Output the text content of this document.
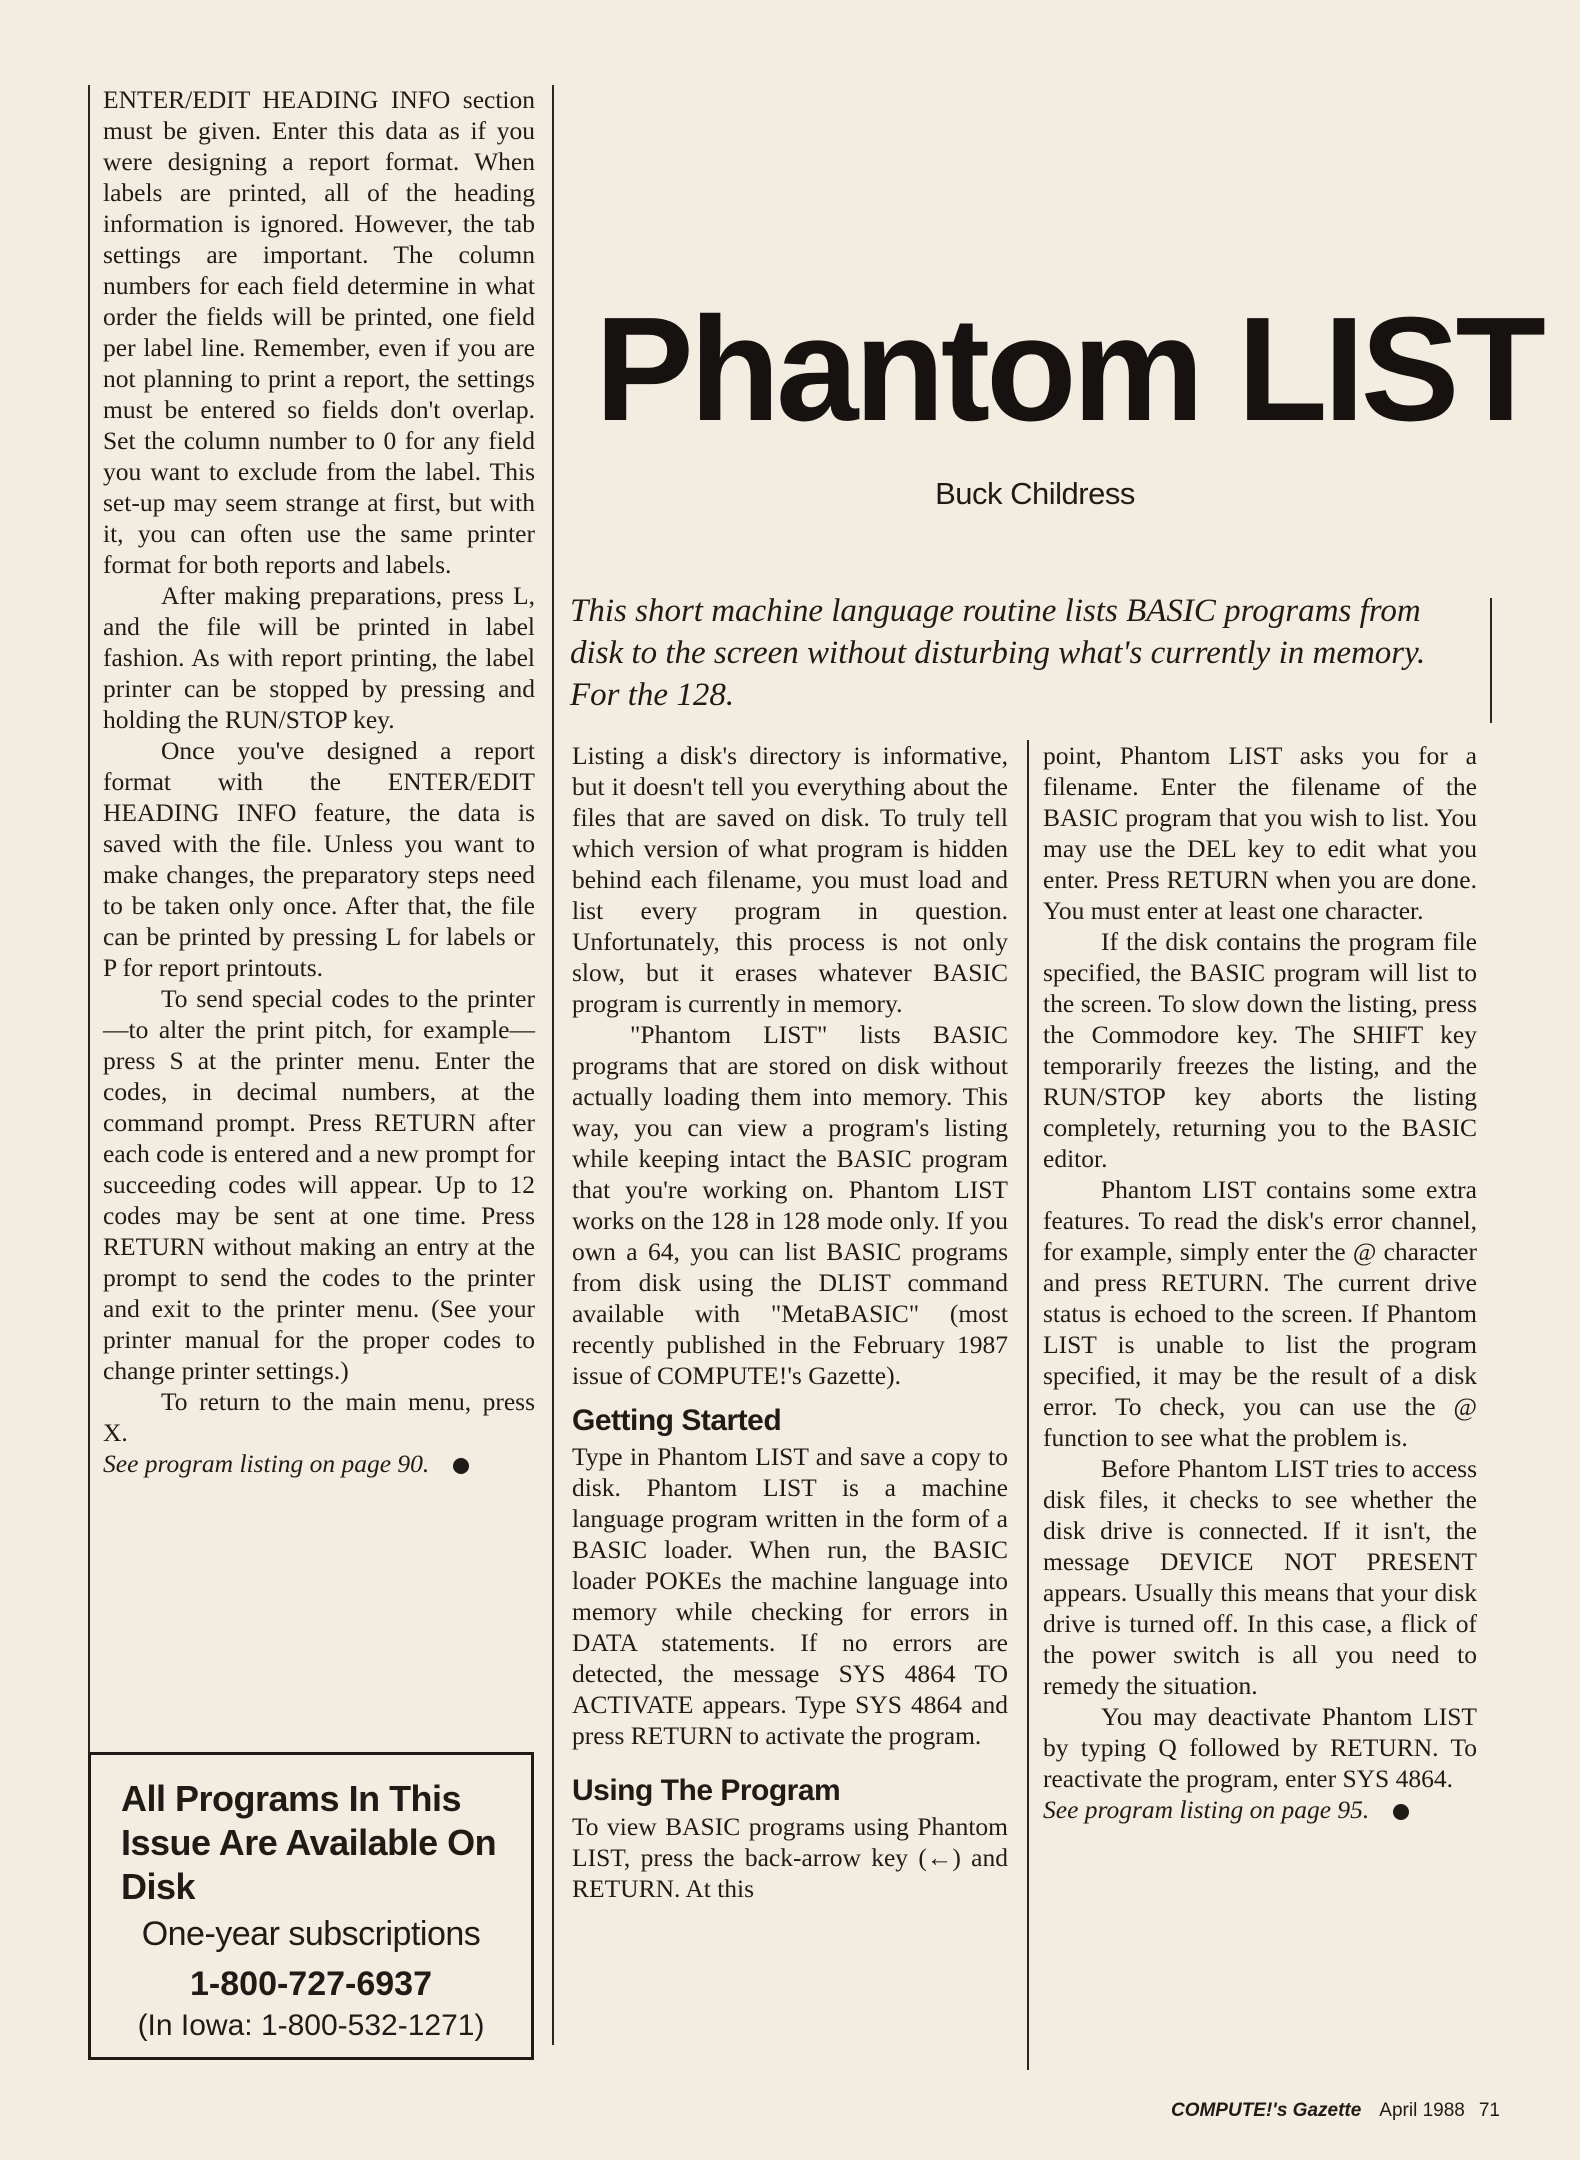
ENTER/EDIT HEADING INFO section must be given. Enter this data as if you were designing a report format. When labels are printed, all of the heading information is ignored. However, the tab settings are important. The column numbers for each field determine in what order the fields will be printed, one field per label line. Remember, even if you are not planning to print a report, the settings must be entered so fields don't overlap. Set the column number to 0 for any field you want to exclude from the label. This set-up may seem strange at first, but with it, you can often use the same printer format for both reports and labels.

After making preparations, press L, and the file will be printed in label fashion. As with report printing, the label printer can be stopped by pressing and holding the RUN/STOP key.

Once you've designed a report format with the ENTER/EDIT HEADING INFO feature, the data is saved with the file. Unless you want to make changes, the preparatory steps need to be taken only once. After that, the file can be printed by pressing L for labels or P for report printouts.

To send special codes to the printer—to alter the print pitch, for example—press S at the printer menu. Enter the codes, in decimal numbers, at the command prompt. Press RETURN after each code is entered and a new prompt for succeeding codes will appear. Up to 12 codes may be sent at one time. Press RETURN without making an entry at the prompt to send the codes to the printer and exit to the printer menu. (See your printer manual for the proper codes to change printer settings.)

To return to the main menu, press X.

See program listing on page 90.
All Programs In This Issue Are Available On Disk
One-year subscriptions
1-800-727-6937
(In Iowa: 1-800-532-1271)
Phantom LIST
Buck Childress
This short machine language routine lists BASIC programs from disk to the screen without disturbing what's currently in memory. For the 128.

Listing a disk's directory is informative, but it doesn't tell you everything about the files that are saved on disk. To truly tell which version of what program is hidden behind each filename, you must load and list every program in question. Unfortunately, this process is not only slow, but it erases whatever BASIC program is currently in memory.

"Phantom LIST" lists BASIC programs that are stored on disk without actually loading them into memory. This way, you can view a program's listing while keeping intact the BASIC program that you're working on. Phantom LIST works on the 128 in 128 mode only. If you own a 64, you can list BASIC programs from disk using the DLIST command available with "MetaBASIC" (most recently published in the February 1987 issue of COMPUTE!'s Gazette).

Getting Started

Type in Phantom LIST and save a copy to disk. Phantom LIST is a machine language program written in the form of a BASIC loader. When run, the BASIC loader POKEs the machine language into memory while checking for errors in DATA statements. If no errors are detected, the message SYS 4864 TO ACTIVATE appears. Type SYS 4864 and press RETURN to activate the program.

Using The Program

To view BASIC programs using Phantom LIST, press the back-arrow key (←) and RETURN. At this

point, Phantom LIST asks you for a filename. Enter the filename of the BASIC program that you wish to list. You may use the DEL key to edit what you enter. Press RETURN when you are done. You must enter at least one character.

If the disk contains the program file specified, the BASIC program will list to the screen. To slow down the listing, press the Commodore key. The SHIFT key temporarily freezes the listing, and the RUN/STOP key aborts the listing completely, returning you to the BASIC editor.

Phantom LIST contains some extra features. To read the disk's error channel, for example, simply enter the @ character and press RETURN. The current drive status is echoed to the screen. If Phantom LIST is unable to list the program specified, it may be the result of a disk error. To check, you can use the @ function to see what the problem is.

Before Phantom LIST tries to access disk files, it checks to see whether the disk drive is connected. If it isn't, the message DEVICE NOT PRESENT appears. Usually this means that your disk drive is turned off. In this case, a flick of the power switch is all you need to remedy the situation.

You may deactivate Phantom LIST by typing Q followed by RETURN. To reactivate the program, enter SYS 4864.

See program listing on page 95.
COMPUTE!'s Gazette April 1988 71
